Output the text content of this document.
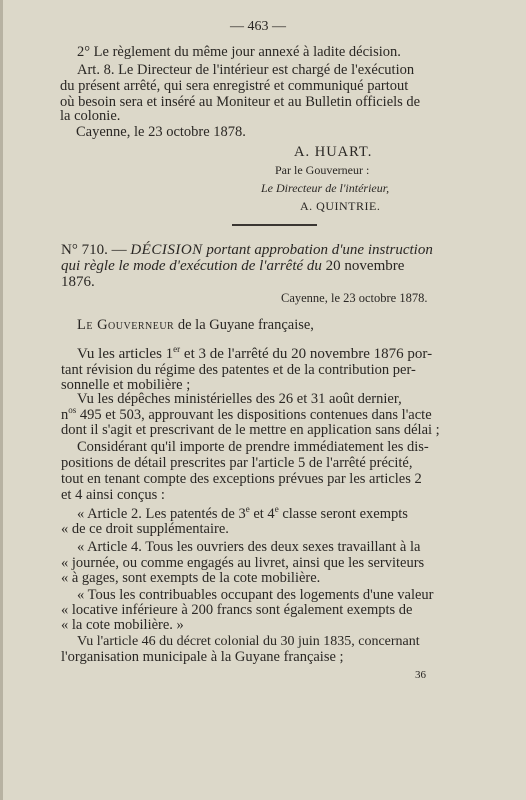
— 463 —
2° Le règlement du même jour annexé à ladite décision.
Art. 8. Le Directeur de l'intérieur est chargé de l'exécution
du présent arrêté, qui sera enregistré et communiqué partout
où besoin sera et inséré au Moniteur et au Bulletin officiels de
la colonie.
Cayenne, le 23 octobre 1878.
A. HUART.
Par le Gouverneur :
Le Directeur de l'intérieur,
A. QUINTRIE.
N° 710. — DÉCISION portant approbation d'une instruction
qui règle le mode d'exécution de l'arrêté du 20 novembre
1876.
Cayenne, le 23 octobre 1878.
Le Gouverneur de la Guyane française,
Vu les articles 1er et 3 de l'arrêté du 20 novembre 1876 por-
tant révision du régime des patentes et de la contribution per-
sonnelle et mobilière ;
Vu les dépêches ministérielles des 26 et 31 août dernier,
$n^{os}$ 495 et 503, approuvant les dispositions contenues dans l'acte
dont il s'agit et prescrivant de le mettre en application sans délai ;
Considérant qu'il importe de prendre immédiatement les dis-
positions de détail prescrites par l'article 5 de l'arrêté précité,
tout en tenant compte des exceptions prévues par les articles 2
et 4 ainsi conçus :
« Article 2. Les patentés de 3e et 4e classe seront exempts
« de ce droit supplémentaire.
« Article 4. Tous les ouvriers des deux sexes travaillant à la
« journée, ou comme engagés au livret, ainsi que les serviteurs
« à gages, sont exempts de la cote mobilière.
« Tous les contribuables occupant des logements d'une valeur
« locative inférieure à 200 francs sont également exempts de
« la cote mobilière. »
Vu l'article 46 du décret colonial du 30 juin 1835, concernant
l'organisation municipale à la Guyane française ;
36
